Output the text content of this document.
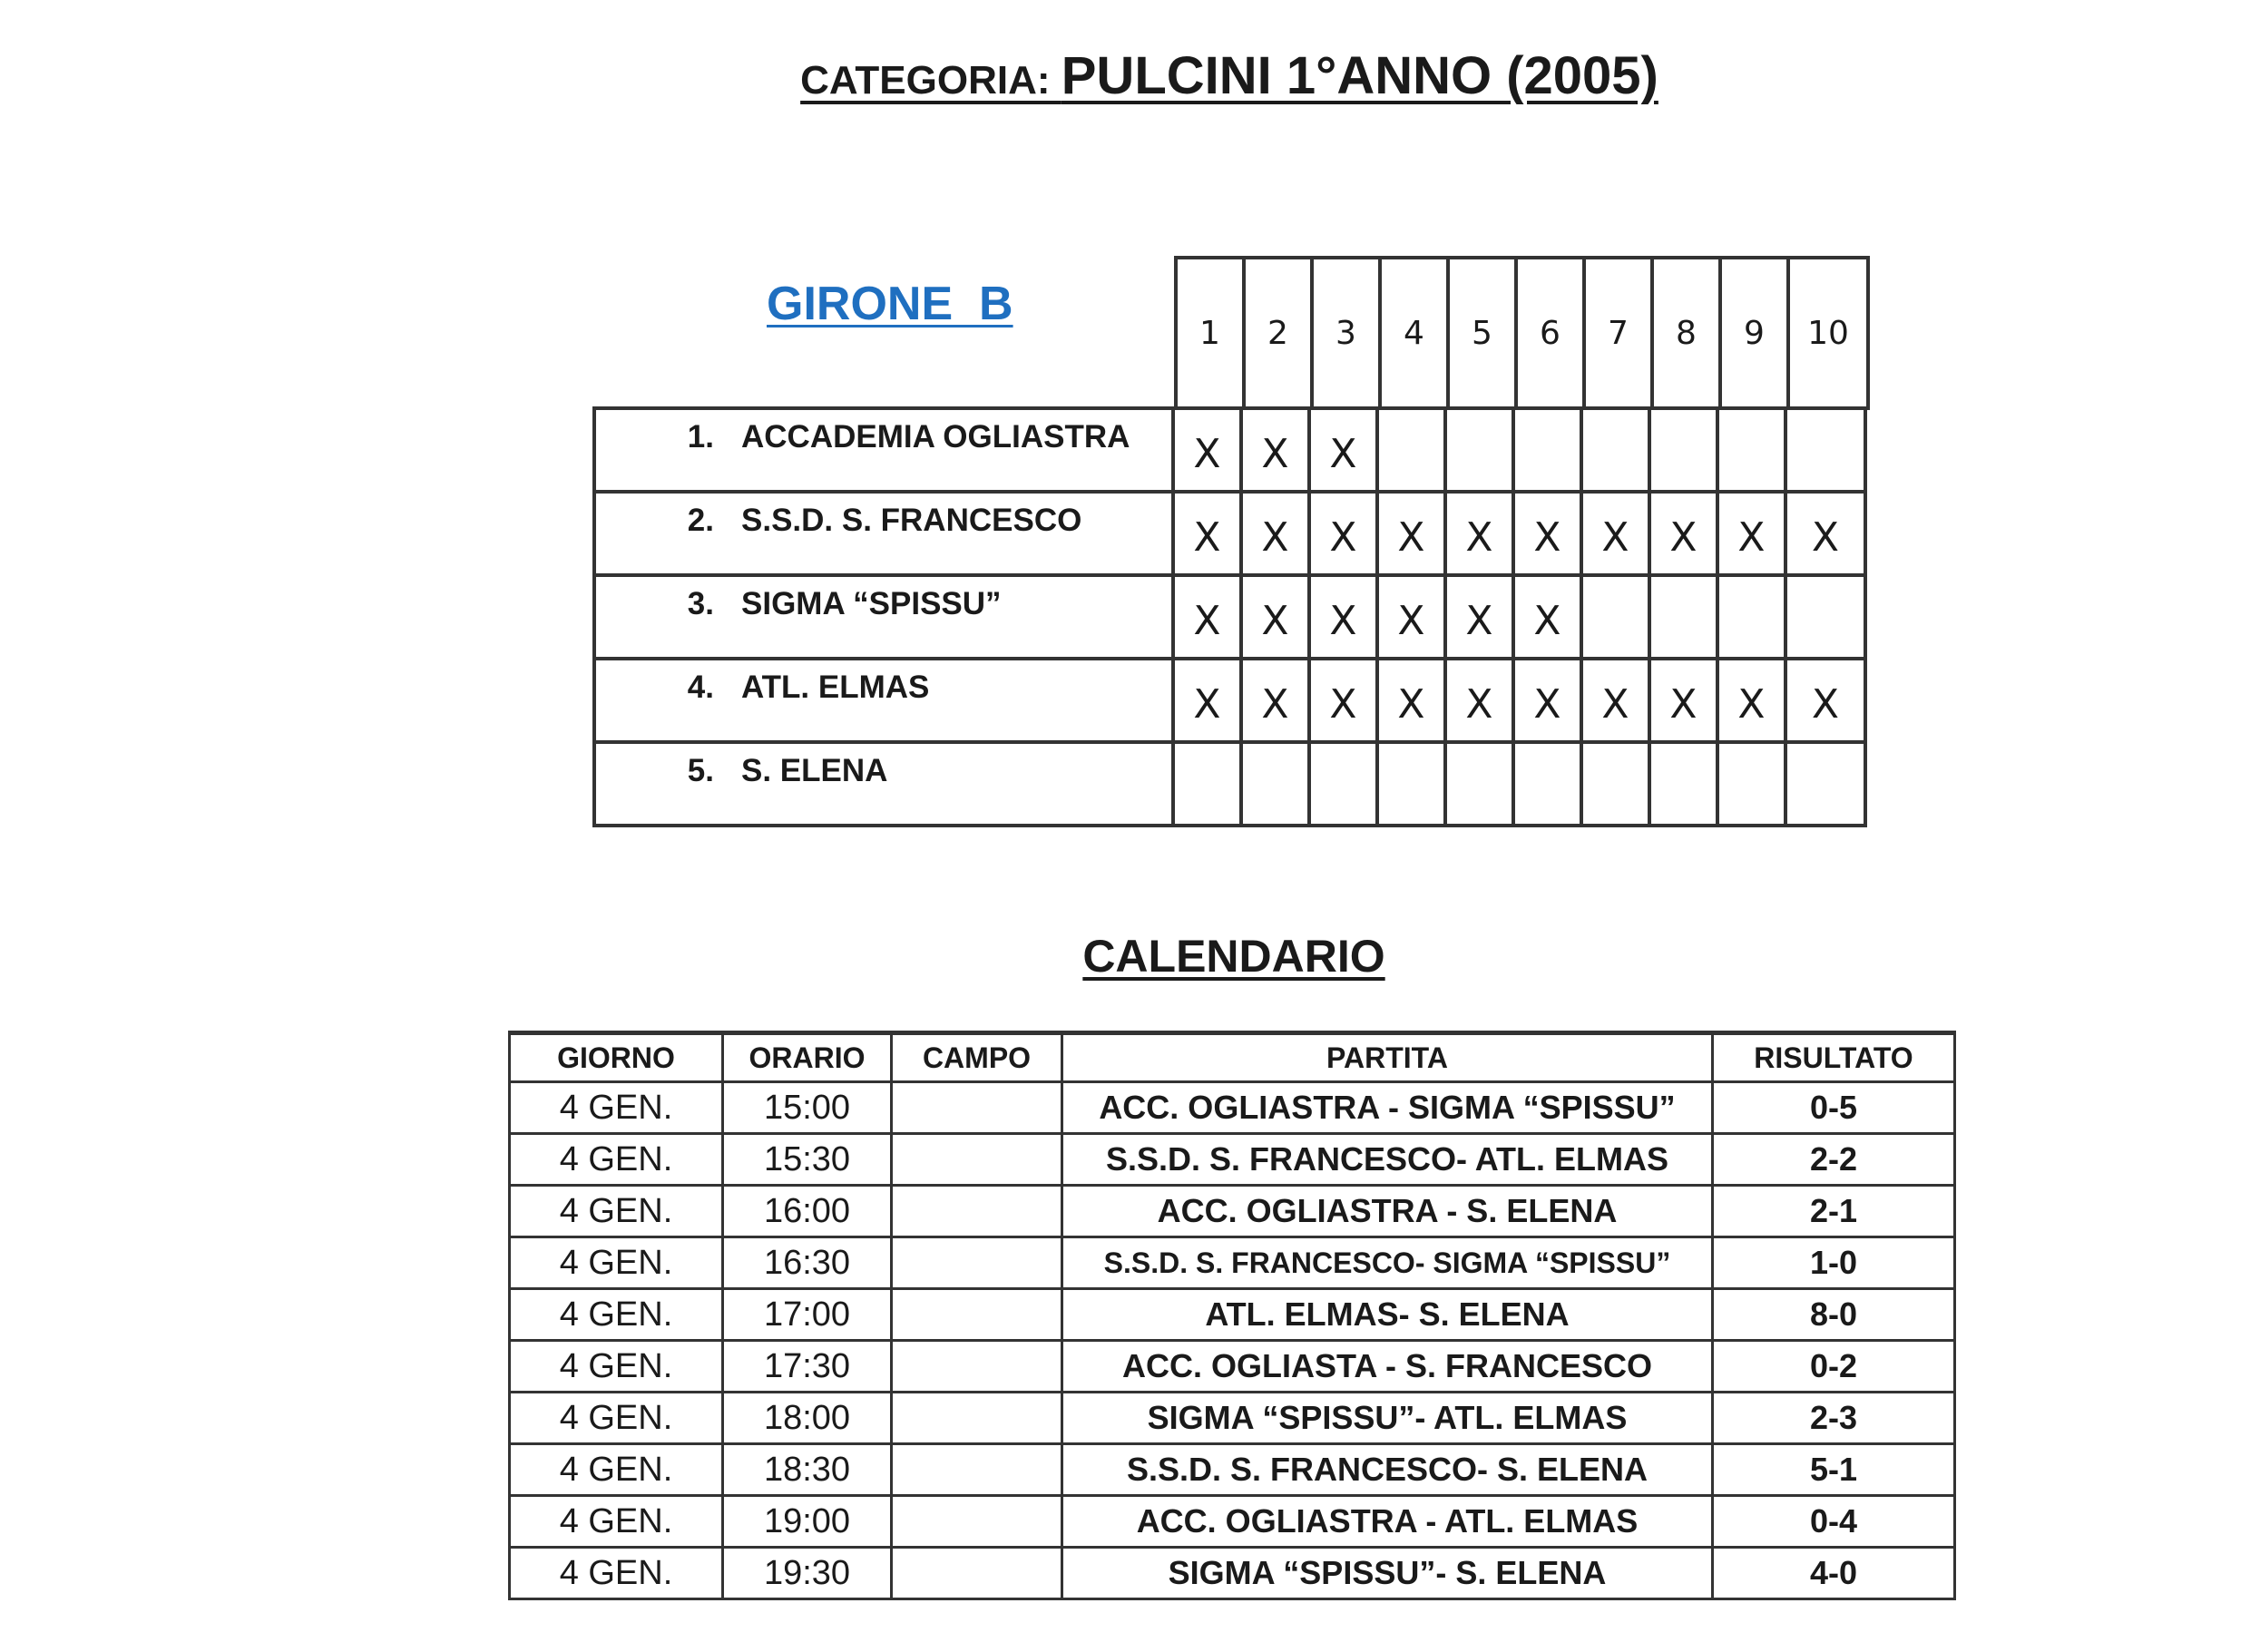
CATEGORIA: PULCINI 1°ANNO (2005)
GIRONE  B
1	2	3	4	5	6	7	8	9	10
1. ACCADEMIA OGLIASTRA	X	X	X							
2. S.S.D. S. FRANCESCO	X	X	X	X	X	X	X	X	X	X
3. SIGMA “SPISSU”	X	X	X	X	X	X				
4. ATL. ELMAS	X	X	X	X	X	X	X	X	X	X
5. S. ELENA										
CALENDARIO
GIORNO	ORARIO	CAMPO	PARTITA	RISULTATO
4 GEN.	15:00		ACC. OGLIASTRA - SIGMA “SPISSU”	0-5
4 GEN.	15:30		S.S.D. S. FRANCESCO- ATL. ELMAS	2-2
4 GEN.	16:00		ACC. OGLIASTRA - S. ELENA	2-1
4 GEN.	16:30		S.S.D. S. FRANCESCO- SIGMA “SPISSU”	1-0
4 GEN.	17:00		ATL. ELMAS- S. ELENA	8-0
4 GEN.	17:30		ACC. OGLIASTA - S. FRANCESCO	0-2
4 GEN.	18:00		SIGMA “SPISSU”- ATL. ELMAS	2-3
4 GEN.	18:30		S.S.D. S. FRANCESCO- S. ELENA	5-1
4 GEN.	19:00		ACC. OGLIASTRA - ATL. ELMAS	0-4
4 GEN.	19:30		SIGMA “SPISSU”- S. ELENA	4-0
